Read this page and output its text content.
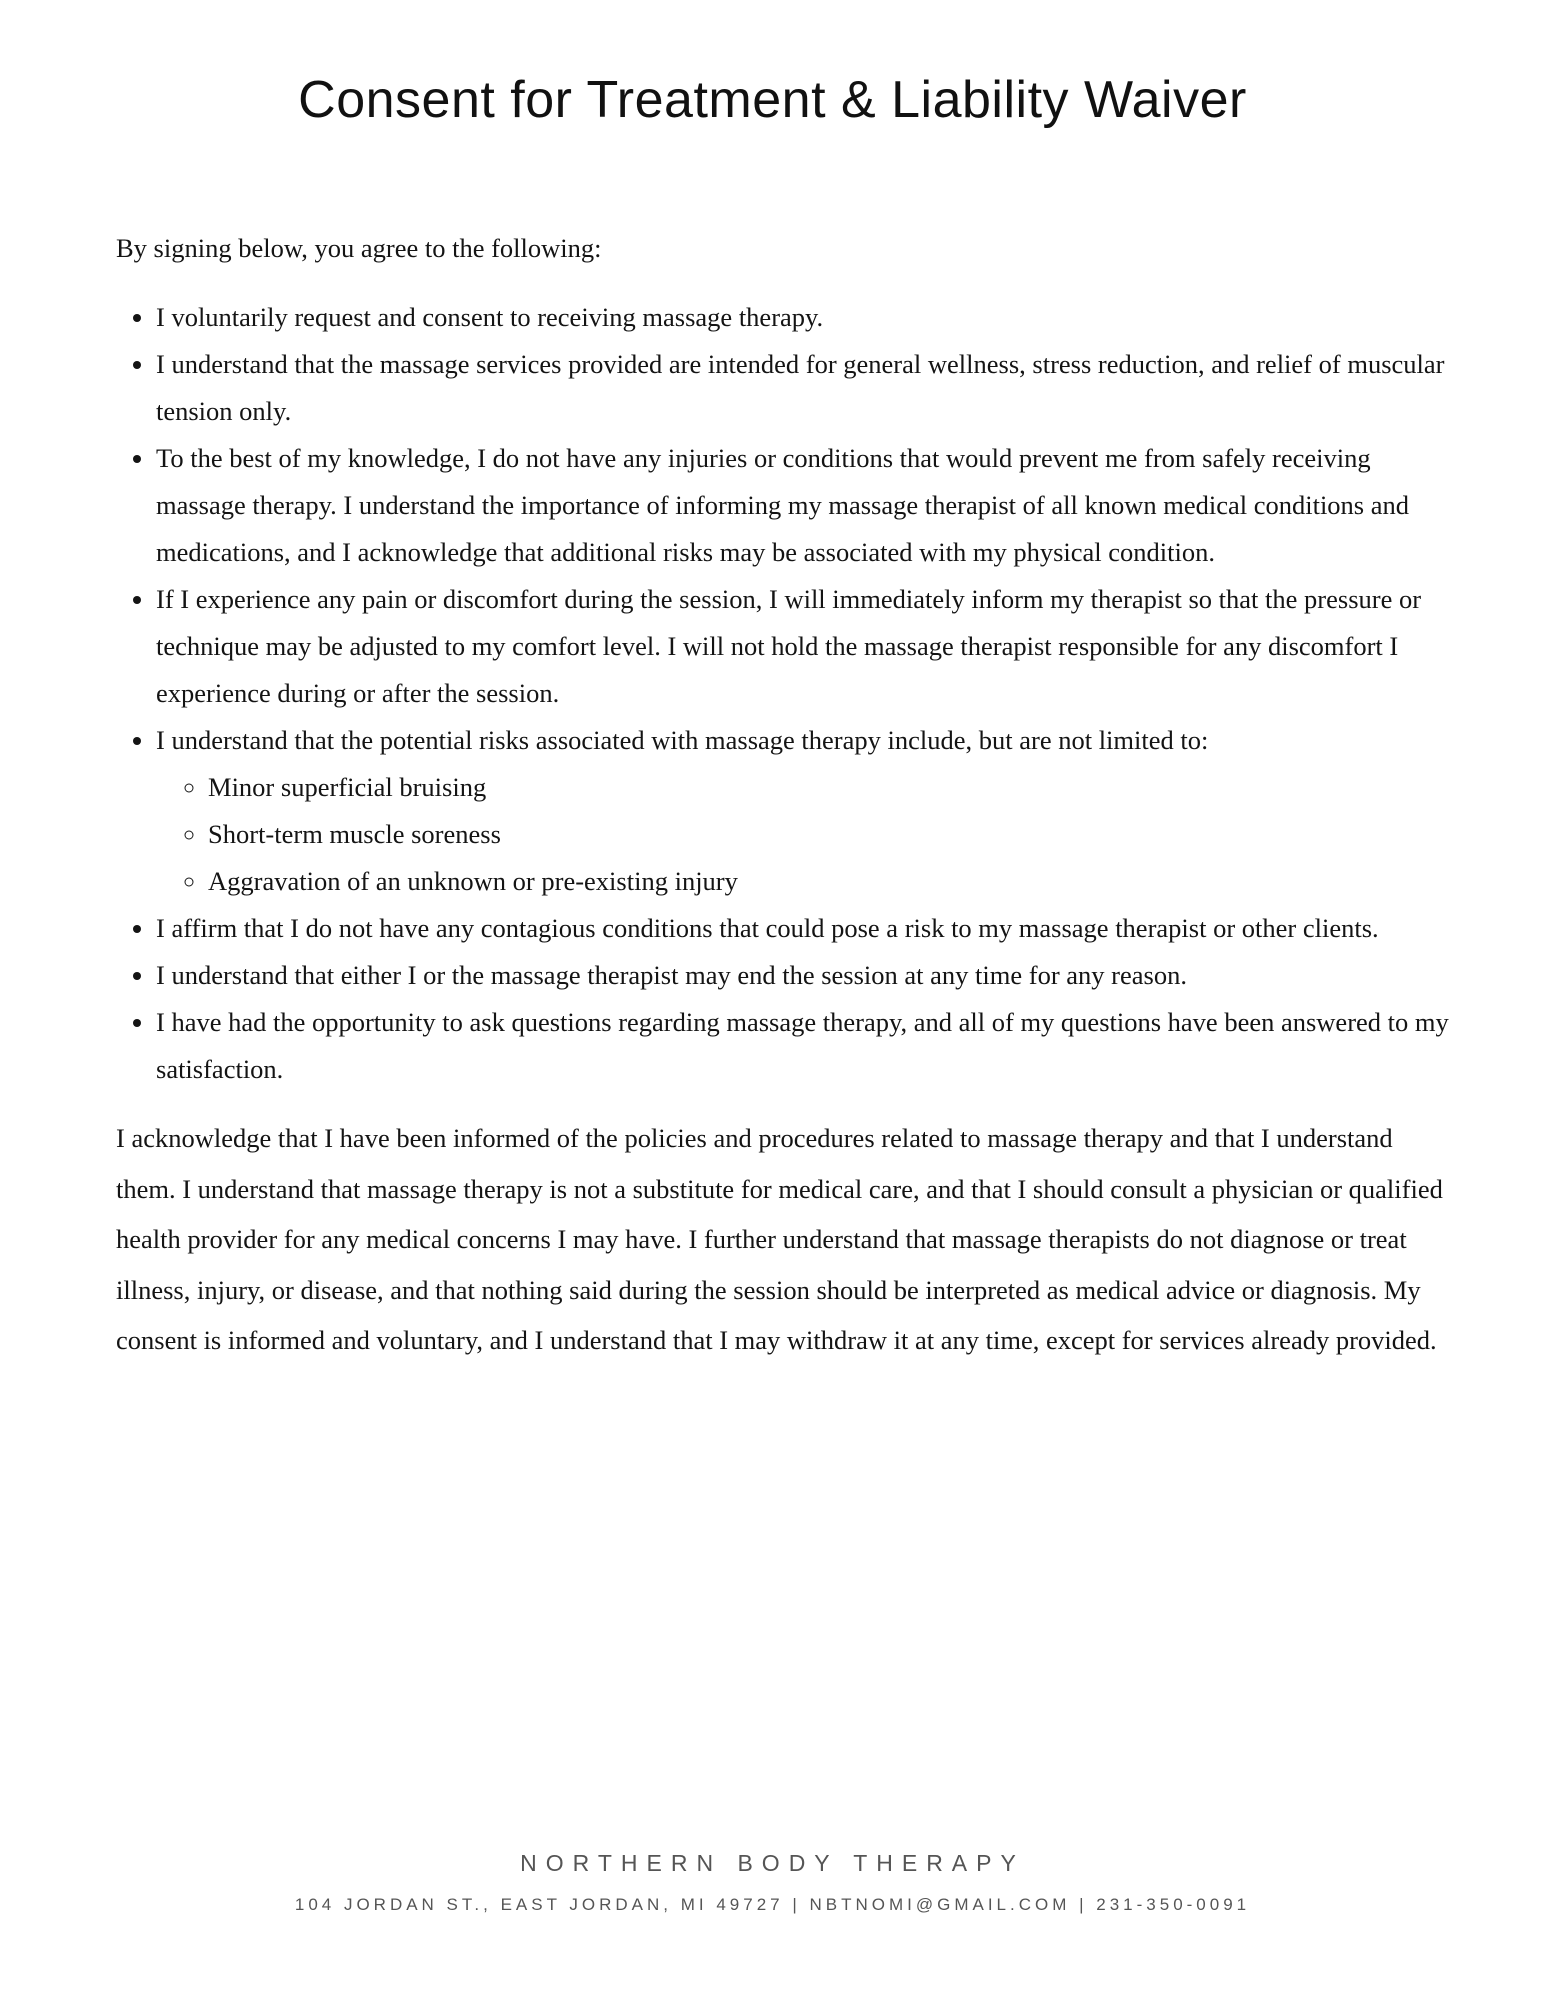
Consent for Treatment & Liability Waiver

By signing below, you agree to the following:

• I voluntarily request and consent to receiving massage therapy.
• I understand that the massage services provided are intended for general wellness, stress reduction, and relief of muscular tension only.
• To the best of my knowledge, I do not have any injuries or conditions that would prevent me from safely receiving massage therapy. I understand the importance of informing my massage therapist of all known medical conditions and medications, and I acknowledge that additional risks may be associated with my physical condition.
• If I experience any pain or discomfort during the session, I will immediately inform my therapist so that the pressure or technique may be adjusted to my comfort level. I will not hold the massage therapist responsible for any discomfort I experience during or after the session.
• I understand that the potential risks associated with massage therapy include, but are not limited to:
◦ Minor superficial bruising
◦ Short-term muscle soreness
◦ Aggravation of an unknown or pre-existing injury
• I affirm that I do not have any contagious conditions that could pose a risk to my massage therapist or other clients.
• I understand that either I or the massage therapist may end the session at any time for any reason.
• I have had the opportunity to ask questions regarding massage therapy, and all of my questions have been answered to my satisfaction.

I acknowledge that I have been informed of the policies and procedures related to massage therapy and that I understand them. I understand that massage therapy is not a substitute for medical care, and that I should consult a physician or qualified health provider for any medical concerns I may have. I further understand that massage therapists do not diagnose or treat illness, injury, or disease, and that nothing said during the session should be interpreted as medical advice or diagnosis. My consent is informed and voluntary, and I understand that I may withdraw it at any time, except for services already provided.

NORTHERN BODY THERAPY
104 JORDAN ST., EAST JORDAN, MI 49727 | NBTNOMI@GMAIL.COM | 231-350-0091
